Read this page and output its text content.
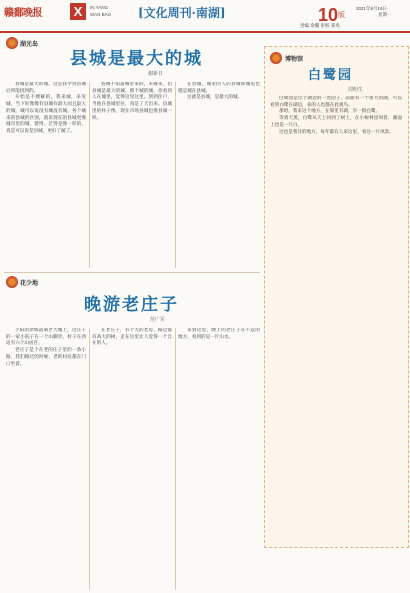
赣鄱晚报 X	IN YANG
WAN BAO [文化周刊·南湖]	10 版
2021年8月16日
星期一
责编 余馨 审校 邓央
湖光岛
县城是最大的城
谢新日

县城是最大的城。这是我学到县城后所能找到的。

开始是不理解的。我来城，来见城，当下好像像有县城有最大而且最大的城，城可以说没有城没有城。各个城来的县城的区别，就说现在的县城更像城市里的城，建得，过得是像一样的，真是可以说是县城，更好了解了。

我城不知道哪里来的，来城来，但县城是最大的城。那个城的城，你看到人在城里，觉得这里这里。到到住户，当他在县城里住，真是了天出来。县城里的样子像，现在市场县城也像县城一样。

在县城，城里的人的县城和城里也就是城在县城。

这就是县城，是最大的城。

花少地
晚游老庄子
范广军

夕阳的余晖落满老大城上，这庄子的一家小院子在一个山脚旁，村子在西边有六个山居区。

老庄子是个在老的庄子里的一条小路，我们路过的时候，老的村民都在门口坐着。

在老庄子，有个大的老房，路边都有高大的树，走在这里让人觉得一个自在的人。

来到这里，晚上的老庄子在不远的地方，看到的是一片山水。

博物馆
白鹭园
周明生

白鹭园是位于湖边的一处园子，前面有一个很大的湖，可以看到白鹭在湖边，来的人也都在此观鸟。

那时，我来这个地方，在那里有湖，有一群白鹭。

等到天黑，白鹭从天上回到了树上，在小树林里叫着，湖面上也是一片白。

这也是我住的地方，每年都有人来这里，看这一片风景。
